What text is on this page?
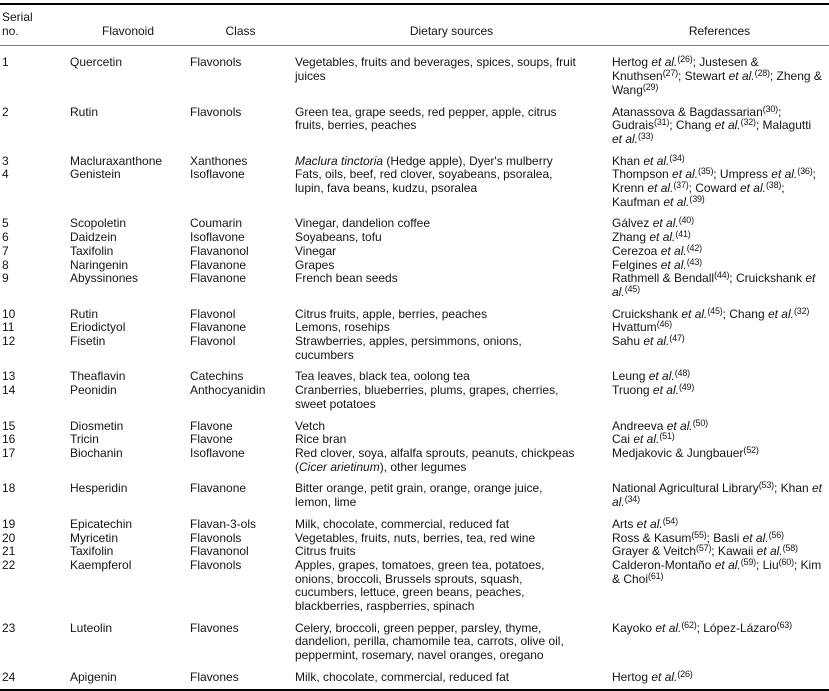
Serial no.	Flavonoid	Class	Dietary sources	References
1	Quercetin	Flavonols	Vegetables, fruits and beverages, spices, soups, fruit juices	Hertog et al.$^{(26)}$; Justesen & Knuthsen$^{(27)}$; Stewart et al.$^{(28)}$; Zheng & Wang$^{(29)}$
2	Rutin	Flavonols	Green tea, grape seeds, red pepper, apple, citrus fruits, berries, peaches	Atanassova & Bagdassarian$^{(30)}$; Gudrais$^{(31)}$; Chang et al.$^{(32)}$; Malagutti et al.$^{(33)}$
3	Macluraxanthone	Xanthones	Maclura tinctoria (Hedge apple), Dyer's mulberry	Khan et al.$^{(34)}$
4	Genistein	Isoflavone	Fats, oils, beef, red clover, soyabeans, psoralea, lupin, fava beans, kudzu, psoralea	Thompson et al.$^{(35)}$; Umpress et al.$^{(36)}$; Krenn et al.$^{(37)}$; Coward et al.$^{(38)}$; Kaufman et al.$^{(39)}$
5	Scopoletin	Coumarin	Vinegar, dandelion coffee	Gálvez et al.$^{(40)}$
6	Daidzein	Isoflavone	Soyabeans, tofu	Zhang et al.$^{(41)}$
7	Taxifolin	Flavanonol	Vinegar	Cerezoa et al.$^{(42)}$
8	Naringenin	Flavanone	Grapes	Felgines et al.$^{(43)}$
9	Abyssinones	Flavanone	French bean seeds	Rathmell & Bendall$^{(44)}$; Cruickshank et al.$^{(45)}$
10	Rutin	Flavonol	Citrus fruits, apple, berries, peaches	Cruickshank et al.$^{(45)}$; Chang et al.$^{(32)}$
11	Eriodictyol	Flavanone	Lemons, rosehips	Hvattum$^{(46)}$
12	Fisetin	Flavonol	Strawberries, apples, persimmons, onions, cucumbers	Sahu et al.$^{(47)}$
13	Theaflavin	Catechins	Tea leaves, black tea, oolong tea	Leung et al.$^{(48)}$
14	Peonidin	Anthocyanidin	Cranberries, blueberries, plums, grapes, cherries, sweet potatoes	Truong et al.$^{(49)}$
15	Diosmetin	Flavone	Vetch	Andreeva et al.$^{(50)}$
16	Tricin	Flavone	Rice bran	Cai et al.$^{(51)}$
17	Biochanin	Isoflavone	Red clover, soya, alfalfa sprouts, peanuts, chickpeas (Cicer arietinum), other legumes	Medjakovic & Jungbauer$^{(52)}$
18	Hesperidin	Flavanone	Bitter orange, petit grain, orange, orange juice, lemon, lime	National Agricultural Library$^{(53)}$; Khan et al.$^{(34)}$
19	Epicatechin	Flavan-3-ols	Milk, chocolate, commercial, reduced fat	Arts et al.$^{(54)}$
20	Myricetin	Flavonols	Vegetables, fruits, nuts, berries, tea, red wine	Ross & Kasum$^{(55)}$; Basli et al.$^{(56)}$
21	Taxifolin	Flavanonol	Citrus fruits	Grayer & Veitch$^{(57)}$; Kawaii et al.$^{(58)}$
22	Kaempferol	Flavonols	Apples, grapes, tomatoes, green tea, potatoes, onions, broccoli, Brussels sprouts, squash, cucumbers, lettuce, green beans, peaches, blackberries, raspberries, spinach	Calderon-Montaño et al.$^{(59)}$; Liu$^{(60)}$; Kim & Choi$^{(61)}$
23	Luteolin	Flavones	Celery, broccoli, green pepper, parsley, thyme, dandelion, perilla, chamomile tea, carrots, olive oil, peppermint, rosemary, navel oranges, oregano	Kayoko et al.$^{(62)}$; López-Lázaro$^{(63)}$
24	Apigenin	Flavones	Milk, chocolate, commercial, reduced fat	Hertog et al.$^{(26)}$
